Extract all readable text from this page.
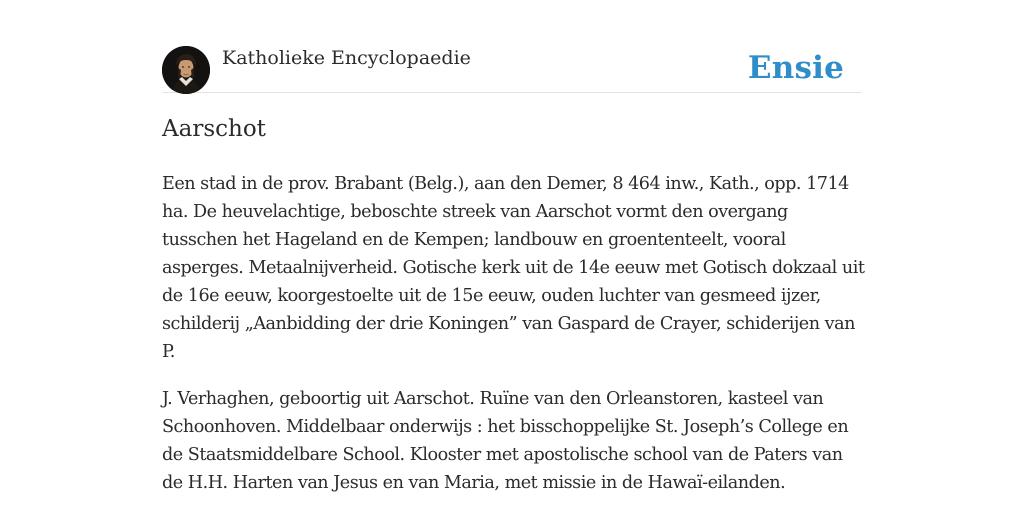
Katholieke Encyclopaedie	Ensie
Aarschot

Een stad in de prov. Brabant (Belg.), aan den Demer, 8 464 inw., Kath., opp. 1714 ha. De heuvelachtige, beboschte streek van Aarschot vormt den overgang tusschen het Hageland en de Kempen; landbouw en groententeelt, vooral asperges. Metaalnijverheid. Gotische kerk uit de 14e eeuw met Gotisch dokzaal uit de 16e eeuw, koorgestoelte uit de 15e eeuw, ouden luchter van gesmeed ijzer, schilderij „Aanbidding der drie Koningen” van Gaspard de Crayer, schiderijen van P.

J. Verhaghen, geboortig uit Aarschot. Ruïne van den Orleanstoren, kasteel van Schoonhoven. Middelbaar onderwijs : het bisschoppelijke St. Joseph’s College en de Staatsmiddelbare School. Klooster met apostolische school van de Paters van de H.H. Harten van Jesus en van Maria, met missie in de Hawaï-eilanden.
